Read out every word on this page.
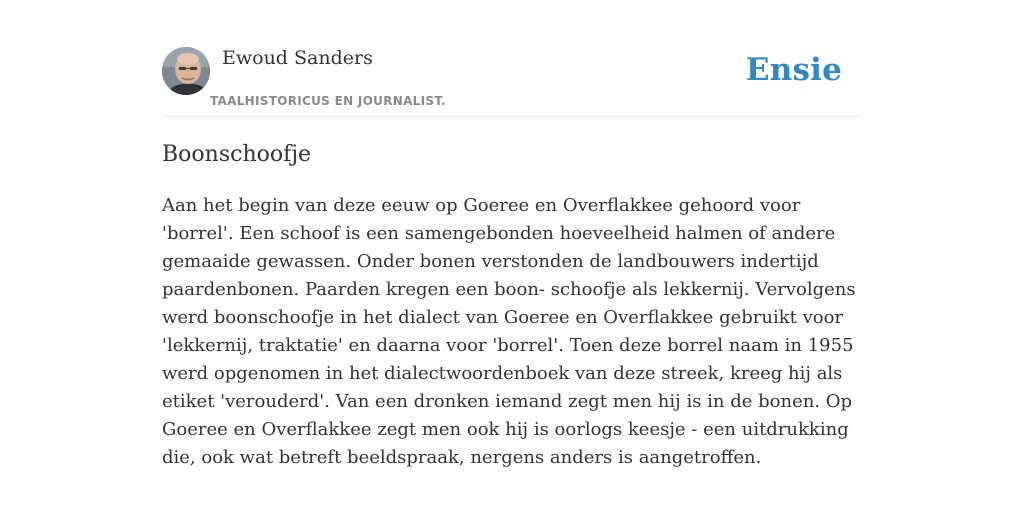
Ewoud Sanders
TAALHISTORICUS EN JOURNALIST.
Ensie
Boonschoofje

Aan het begin van deze eeuw op Goeree en Overflakkee gehoord voor 'borrel'. Een schoof is een samengebonden hoeveelheid halmen of andere gemaaide gewassen. Onder bonen verstonden de landbouwers indertijd paardenbonen. Paarden kregen een boon- schoofje als lekkernij. Vervolgens werd boonschoofje in het dialect van Goeree en Overflakkee gebruikt voor 'lekkernij, traktatie' en daarna voor 'borrel'. Toen deze borrel naam in 1955 werd opgenomen in het dialectwoordenboek van deze streek, kreeg hij als etiket 'verouderd'. Van een dronken iemand zegt men hij is in de bonen. Op Goeree en Overflakkee zegt men ook hij is oorlogs keesje - een uitdrukking die, ook wat betreft beeldspraak, nergens anders is aangetroffen.
